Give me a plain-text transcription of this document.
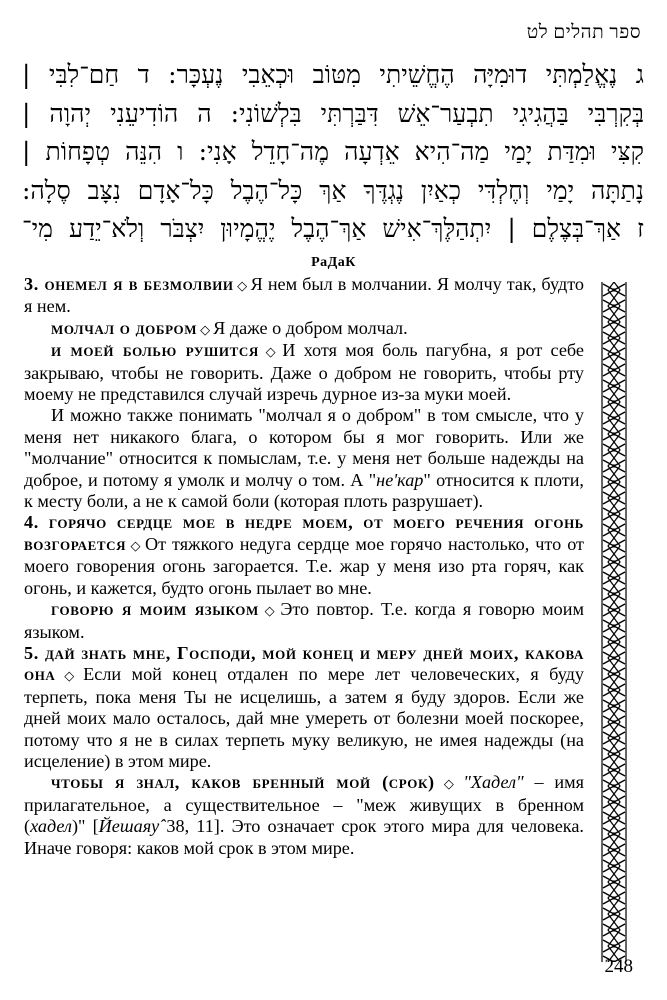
ספר תהלים לט
ג נֶאֱלַמְתִּי דוּמִיָּה הֶחֱשֵׁיתִי מִטּוֹב וּכְאֵבִי נֶעְכָּר: ד חַם־לִבִּי |
בְּקִרְבִּי בַּהֲגִיגִי תִבְעַר־אֵשׁ דִּבַּרְתִּי בִּלְשׁוֹנִי: ה הוֹדִיעֵנִי יְהוָה |
קִצִּי וּמִדַּת יָמַי מַה־הִיא אֵדְעָה מֶה־חָדֵל אָנִי: ו הִנֵּה טְפָחוֹת |
נָתַתָּה יָמַי וְחֶלְדִּי כְאַיִן נֶגְדֶּךָ אַךְ כָּל־הֶבֶל כָּל־אָדָם נִצָּב סֶלָה:
ז אַךְ־בְּצֶלֶם | יִתְהַלֶּךְ־אִישׁ אַךְ־הֶבֶל יֶהֱמָיוּן יִצְבֹּר וְלֹא־יֵדַע מִי־
РаДаК

3. онемел я в безмолвии ◇ Я нем был в молчании. Я молчу так, будто я нем.

молчал о добром ◇ Я даже о добром молчал.

и моей болью рушится ◇ И хотя моя боль пагубна, я рот себе закрываю, чтобы не говорить. Даже о добром не говорить, чтобы рту моему не представился случай изречь дурное из-за муки моей.

И можно также понимать "молчал я о добром" в том смысле, что у меня нет никакого блага, о котором бы я мог говорить. Или же "молчание" относится к помыслам, т.е. у меня нет больше надежды на доброе, и потому я умолк и молчу о том. А "не'кар" относится к плоти, к месту боли, а не к самой боли (которая плоть разрушает).

4. горячо сердце мое в недре моем, от моего речения огонь возгорается ◇ От тяжкого недуга сердце мое горячо настолько, что от моего говорения огонь загорается. Т.е. жар у меня изо рта горяч, как огонь, и кажется, будто огонь пылает во мне.

говорю я моим языком ◇ Это повтор. Т.е. когда я говорю моим языком.

5. дай знать мне, Господи, мой конец и меру дней моих, какова она ◇ Если мой конец отдален по мере лет человеческих, я буду терпеть, пока меня Ты не исцелишь, а затем я буду здоров. Если же дней моих мало осталось, дай мне умереть от болезни моей поскорее, потому что я не в силах терпеть муку великую, не имея надежды (на исцеление) в этом мире.

чтобы я знал, каков бренный мой (срок) ◇ "Хадел" – имя прилагательное, а существительное – "меж живущих в бренном (хадел)" [Йешаяу̂ 38, 11]. Это означает срок этого мира для человека. Иначе говоря: каков мой срок в этом мире.

248
